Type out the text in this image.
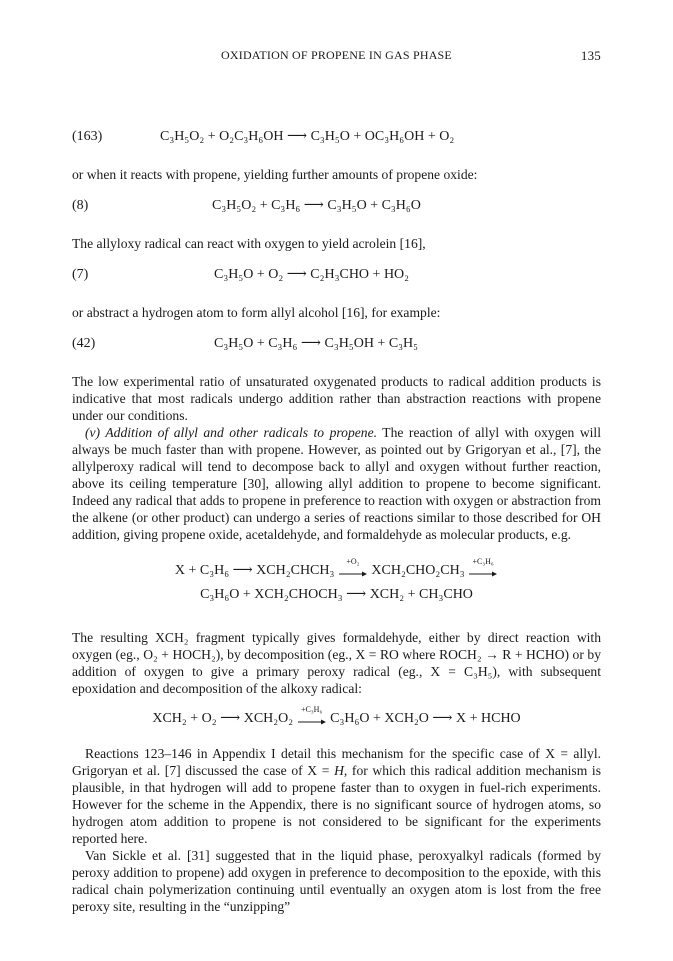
OXIDATION OF PROPENE IN GAS PHASE	135
(163)	C₃H₅O₂ + O₂C₃H₆OH ⟶ C₃H₅O + OC₃H₆OH + O₂

or when it reacts with propene, yielding further amounts of propene oxide:

(8)	C₃H₅O₂ + C₃H₆ ⟶ C₃H₅O + C₃H₆O

The allyloxy radical can react with oxygen to yield acrolein [16],

(7)	C₃H₅O + O₂ ⟶ C₂H₃CHO + HO₂

or abstract a hydrogen atom to form allyl alcohol [16], for example:

(42)	C₃H₅O + C₃H₆ ⟶ C₃H₅OH + C₃H₅

The low experimental ratio of unsaturated oxygenated products to radical addition products is indicative that most radicals undergo addition rather than abstraction reactions with propene under our conditions.

(v) Addition of allyl and other radicals to propene. The reaction of allyl with oxygen will always be much faster than with propene. However, as pointed out by Grigoryan et al., [7], the allylperoxy radical will tend to decompose back to allyl and oxygen without further reaction, above its ceiling temperature [30], allowing allyl addition to propene to become significant. Indeed any radical that adds to propene in preference to reaction with oxygen or abstraction from the alkene (or other product) can undergo a series of reactions similar to those described for OH addition, giving propene oxide, acetaldehyde, and formaldehyde as molecular products, e.g.

X + C₃H₆ ⟶ XCH₂CHCH₃
+O₂
XCH₂CHO₂CH₃
+C₃H₆
C₃H₆O + XCH₂CHOCH₃ ⟶ XCH₂ + CH₃CHO

The resulting XCH₂ fragment typically gives formaldehyde, either by direct reaction with oxygen (eg., O₂ + HOCH₂), by decomposition (eg., X = RO where ROCH₂ → R + HCHO) or by addition of oxygen to give a primary peroxy radical (eg., X = C₃H₅), with subsequent epoxidation and decomposition of the alkoxy radical:

XCH₂ + O₂ ⟶ XCH₂O₂
+C₃H₆
C₃H₆O + XCH₂O ⟶ X + HCHO

Reactions 123–146 in Appendix I detail this mechanism for the specific case of X = allyl. Grigoryan et al. [7] discussed the case of X = H, for which this radical addition mechanism is plausible, in that hydrogen will add to propene faster than to oxygen in fuel-rich experiments. However for the scheme in the Appendix, there is no significant source of hydrogen atoms, so hydrogen atom addition to propene is not considered to be significant for the experiments reported here.

Van Sickle et al. [31] suggested that in the liquid phase, peroxyalkyl radicals (formed by peroxy addition to propene) add oxygen in preference to decomposition to the epoxide, with this radical chain polymerization continuing until eventually an oxygen atom is lost from the free peroxy site, resulting in the “unzipping”
